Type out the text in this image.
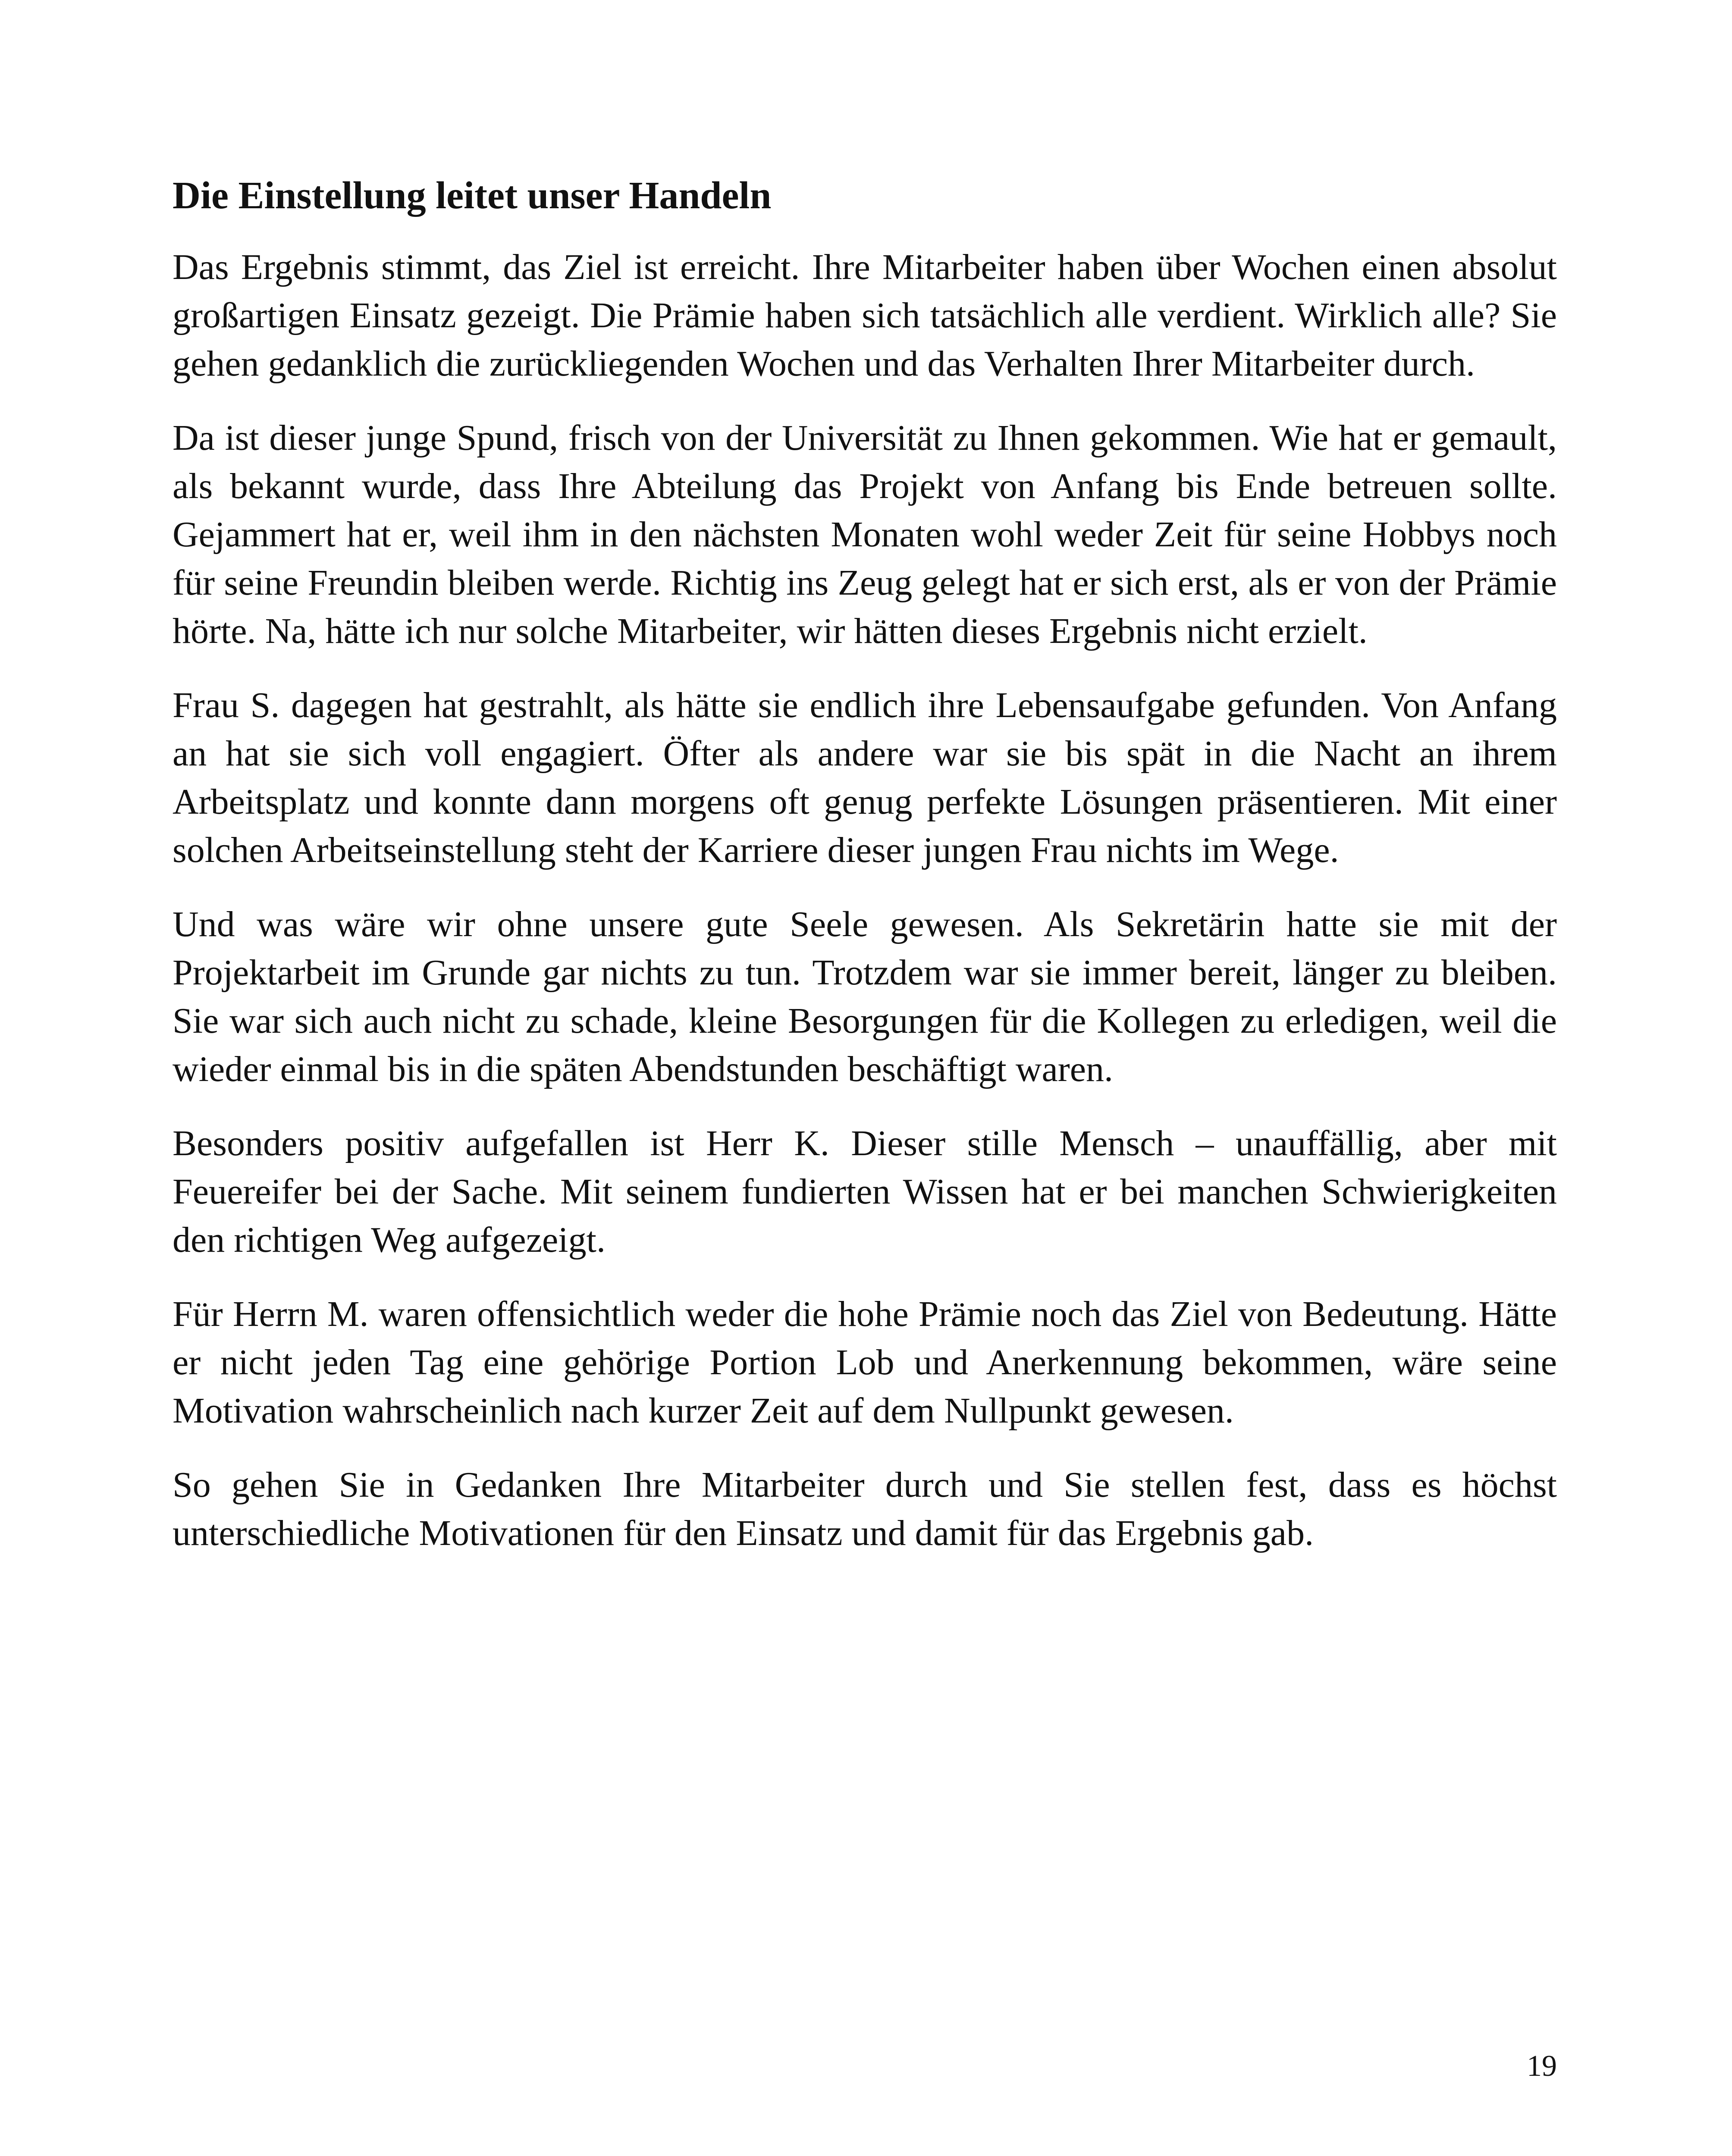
Die Einstellung leitet unser Handeln

Das Ergebnis stimmt, das Ziel ist erreicht. Ihre Mitarbeiter haben über Wochen einen absolut großartigen Einsatz gezeigt. Die Prämie haben sich tatsächlich alle verdient. Wirklich alle? Sie gehen gedanklich die zurückliegenden Wochen und das Verhalten Ihrer Mitarbeiter durch.

Da ist dieser junge Spund, frisch von der Universität zu Ihnen gekommen. Wie hat er gemault, als bekannt wurde, dass Ihre Abteilung das Projekt von Anfang bis Ende betreuen sollte. Gejammert hat er, weil ihm in den nächsten Monaten wohl weder Zeit für seine Hobbys noch für seine Freundin bleiben werde. Richtig ins Zeug gelegt hat er sich erst, als er von der Prämie hörte. Na, hätte ich nur solche Mitarbeiter, wir hätten dieses Ergebnis nicht erzielt.

Frau S. dagegen hat gestrahlt, als hätte sie endlich ihre Lebensaufgabe gefunden. Von Anfang an hat sie sich voll engagiert. Öfter als andere war sie bis spät in die Nacht an ihrem Arbeitsplatz und konnte dann morgens oft genug perfekte Lösungen präsentieren. Mit einer solchen Arbeitseinstellung steht der Karriere dieser jungen Frau nichts im Wege.

Und was wäre wir ohne unsere gute Seele gewesen. Als Sekretärin hatte sie mit der Projektarbeit im Grunde gar nichts zu tun. Trotzdem war sie immer bereit, länger zu bleiben. Sie war sich auch nicht zu schade, kleine Besorgungen für die Kollegen zu erledigen, weil die wieder einmal bis in die späten Abendstunden beschäftigt waren.

Besonders positiv aufgefallen ist Herr K. Dieser stille Mensch – unauffällig, aber mit Feuereifer bei der Sache. Mit seinem fundierten Wissen hat er bei manchen Schwierigkeiten den richtigen Weg aufgezeigt.

Für Herrn M. waren offensichtlich weder die hohe Prämie noch das Ziel von Bedeutung. Hätte er nicht jeden Tag eine gehörige Portion Lob und Anerkennung bekommen, wäre seine Motivation wahrscheinlich nach kurzer Zeit auf dem Nullpunkt gewesen.

So gehen Sie in Gedanken Ihre Mitarbeiter durch und Sie stellen fest, dass es höchst unterschiedliche Motivationen für den Einsatz und damit für das Ergebnis gab.

19
